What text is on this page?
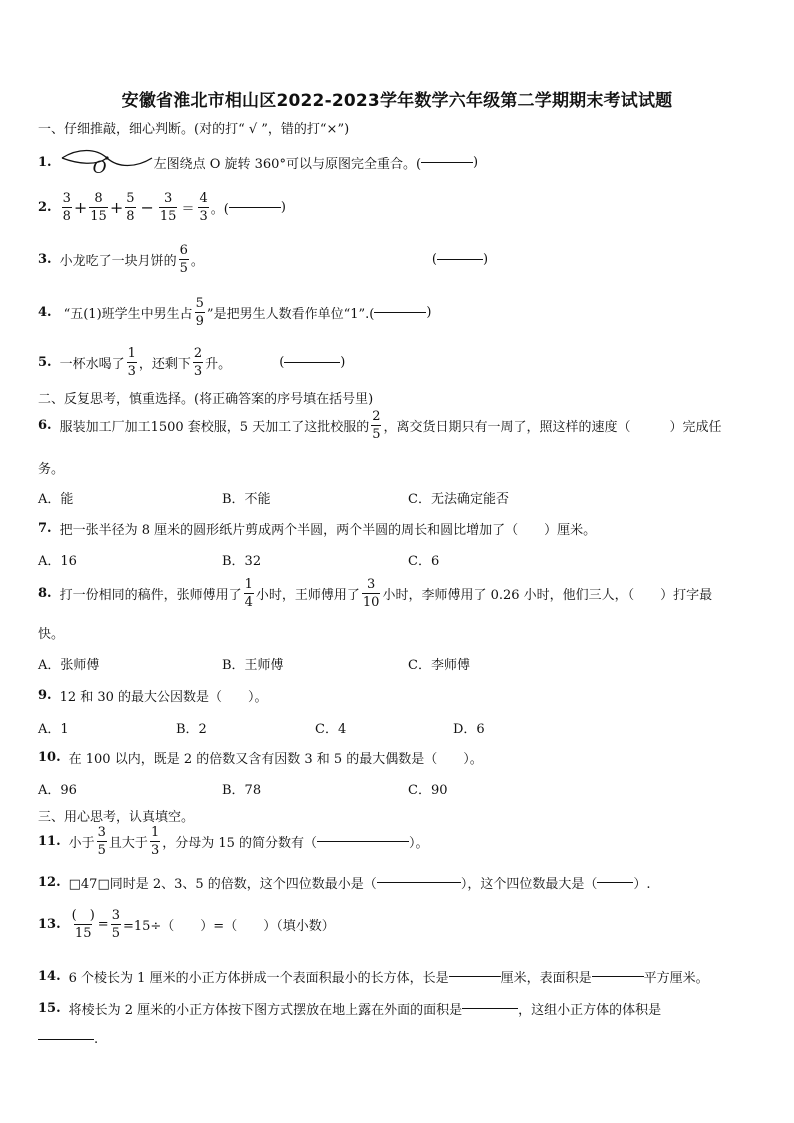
安徽省淮北市相山区2022-2023学年数学六年级第二学期期末考试试题
一、仔细推敲，细心判断。(对的打“ √ ”，错的打“×”)
1. O	左图绕点 O 旋转 360°可以与原图完全重合。(	)
2. $\frac{3}{8} + \frac{8}{15} + \frac{5}{8} - \frac{3}{15} = \frac{4}{3}$ 。(	)
3. 小龙吃了一块月饼的 $\frac{6}{5}$ 。	(	)
4. “五(1)班学生中男生占 $\frac{5}{9}$ ”是把男生人数看作单位“1”.(	)
5. 一杯水喝了 $\frac{1}{3}$ ，还剩下 $\frac{2}{3}$ 升。	(	)
二、反复思考，慎重选择。(将正确答案的序号填在括号里)
6. 服装加工厂加工1500 套校服，5 天加工了这批校服的 $\frac{2}{5}$ ，离交货日期只有一周了，照这样的速度（　　　）完成任
务。
A．能	B．不能	C．无法确定能否
7. 把一张半径为 8 厘米的圆形纸片剪成两个半圆，两个半圆的周长和圆比增加了（　　）厘米。
A．16	B．32	C．6
8. 打一份相同的稿件，张师傅用了 $\frac{1}{4}$ 小时，王师傅用了 $\frac{3}{10}$ 小时，李师傅用了 0.26 小时，他们三人，（　　）打字最
快。
A．张师傅	B．王师傅	C．李师傅
9. 12 和 30 的最大公因数是（　　）。
A．1	B．2	C．4	D．6
10. 在 100 以内，既是 2 的倍数又含有因数 3 和 5 的最大偶数是（　　）。
A．96	B．78	C．90
三、用心思考，认真填空。
11. 小于 $\frac{3}{5}$ 且大于 $\frac{1}{3}$ ，分母为 15 的简分数有（	）。
12. □47□同时是 2、3、5 的倍数，这个四位数最小是（	），这个四位数最大是（	）.
13. $\frac{( )}{15} = \frac{3}{5} =15\div$（　　）=（　　）（填小数）
14. 6 个棱长为 1 厘米的小正方体拼成一个表面积最小的长方体，长是	厘米，表面积是	平方厘米。
15. 将棱长为 2 厘米的小正方体按下图方式摆放在地上露在外面的面积是	，这组小正方体的体积是
.
